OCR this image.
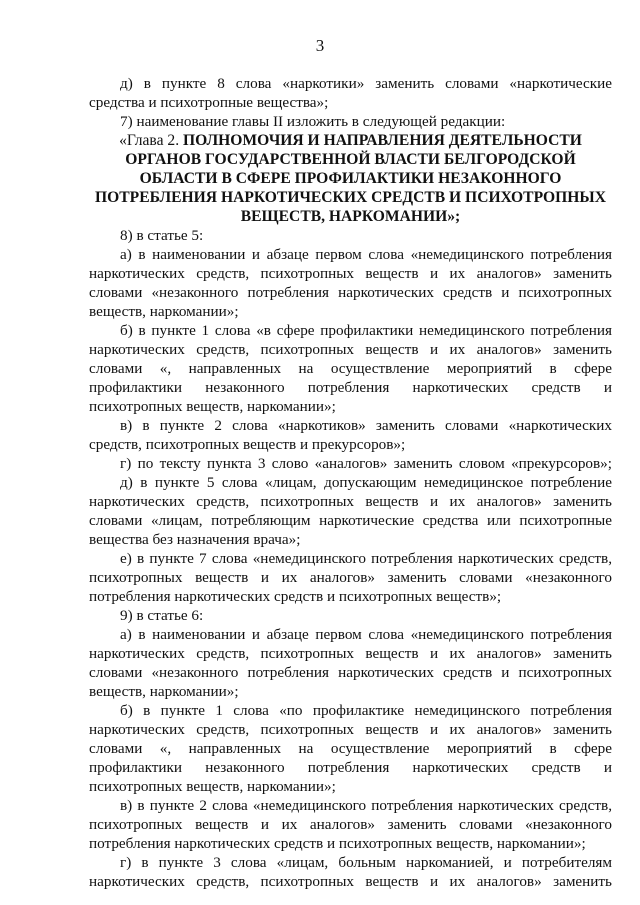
3
д) в пункте 8 слова «наркотики» заменить словами «наркотические
средства и психотропные вещества»;
7) наименование главы II изложить в следующей редакции:
«Глава 2. ПОЛНОМОЧИЯ И НАПРАВЛЕНИЯ ДЕЯТЕЛЬНОСТИ
ОРГАНОВ ГОСУДАРСТВЕННОЙ ВЛАСТИ БЕЛГОРОДСКОЙ
ОБЛАСТИ В СФЕРЕ ПРОФИЛАКТИКИ НЕЗАКОННОГО
ПОТРЕБЛЕНИЯ НАРКОТИЧЕСКИХ СРЕДСТВ И ПСИХОТРОПНЫХ
ВЕЩЕСТВ, НАРКОМАНИИ»;
8) в статье 5:
а) в наименовании и абзаце первом слова «немедицинского потребления
наркотических средств, психотропных веществ и их аналогов» заменить
словами «незаконного потребления наркотических средств и психотропных
веществ, наркомании»;
б) в пункте 1 слова «в сфере профилактики немедицинского потребления
наркотических средств, психотропных веществ и их аналогов» заменить
словами «, направленных на осуществление мероприятий в сфере
профилактики незаконного потребления наркотических средств и
психотропных веществ, наркомании»;
в) в пункте 2 слова «наркотиков» заменить словами «наркотических
средств, психотропных веществ и прекурсоров»;
г) по тексту пункта 3 слово «аналогов» заменить словом «прекурсоров»;
д) в пункте 5 слова «лицам, допускающим немедицинское потребление
наркотических средств, психотропных веществ и их аналогов» заменить
словами «лицам, потребляющим наркотические средства или психотропные
вещества без назначения врача»;
е) в пункте 7 слова «немедицинского потребления наркотических средств,
психотропных веществ и их аналогов» заменить словами «незаконного
потребления наркотических средств и психотропных веществ»;
9) в статье 6:
а) в наименовании и абзаце первом слова «немедицинского потребления
наркотических средств, психотропных веществ и их аналогов» заменить
словами «незаконного потребления наркотических средств и психотропных
веществ, наркомании»;
б) в пункте 1 слова «по профилактике немедицинского потребления
наркотических средств, психотропных веществ и их аналогов» заменить
словами «, направленных на осуществление мероприятий в сфере
профилактики незаконного потребления наркотических средств и
психотропных веществ, наркомании»;
в) в пункте 2 слова «немедицинского потребления наркотических средств,
психотропных веществ и их аналогов» заменить словами «незаконного
потребления наркотических средств и психотропных веществ, наркомании»;
г) в пункте 3 слова «лицам, больным наркоманией, и потребителям
наркотических средств, психотропных веществ и их аналогов» заменить
